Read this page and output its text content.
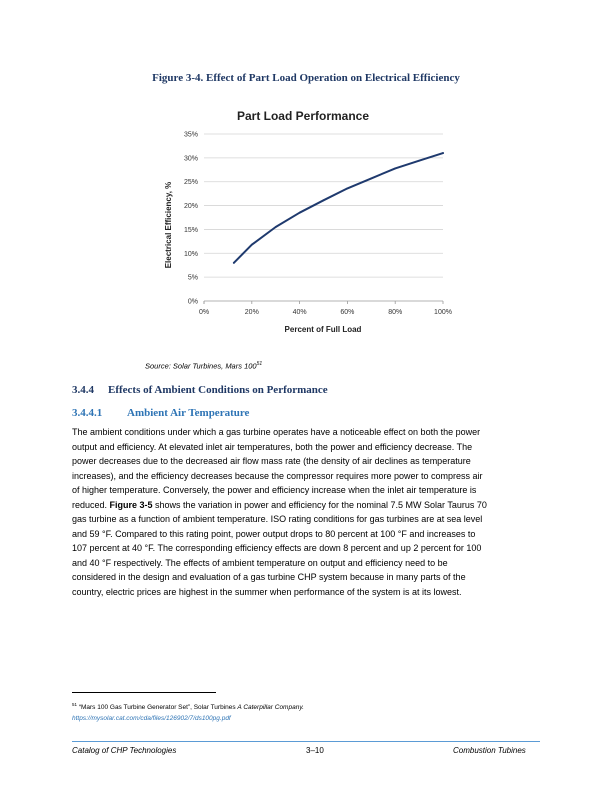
Figure 3-4. Effect of Part Load Operation on Electrical Efficiency
Part Load Performance
0%
5%
10%
15%
20%
25%
30%
35%
0%	20%	40%	60%	80%	100%
Percent of Full Load
Electrical Efficiency, %
Source: Solar Turbines, Mars $100^{51}$
3.4.4 Effects of Ambient Conditions on Performance
3.4.4.1 Ambient Air Temperature
The ambient conditions under which a gas turbine operates have a noticeable effect on both the power
output and efficiency. At elevated inlet air temperatures, both the power and efficiency decrease. The
power decreases due to the decreased air flow mass rate (the density of air declines as temperature
increases), and the efficiency decreases because the compressor requires more power to compress air
of higher temperature. Conversely, the power and efficiency increase when the inlet air temperature is
reduced. Figure 3-5 shows the variation in power and efficiency for the nominal 7.5 MW Solar Taurus 70
gas turbine as a function of ambient temperature. ISO rating conditions for gas turbines are at sea level
and 59 °F. Compared to this rating point, power output drops to 80 percent at 100 °F and increases to
107 percent at 40 °F. The corresponding efficiency effects are down 8 percent and up 2 percent for 100
and 40 °F respectively. The effects of ambient temperature on output and efficiency need to be
considered in the design and evaluation of a gas turbine CHP system because in many parts of the
country, electric prices are highest in the summer when performance of the system is at its lowest.
$^{51}$ “Mars 100 Gas Turbine Generator Set”, Solar Turbines A Caterpillar Company.
https://mysolar.cat.com/cda/files/126902/7/ds100pg.pdf
Catalog of CHP Technologies	3–10	Combustion Tubines
